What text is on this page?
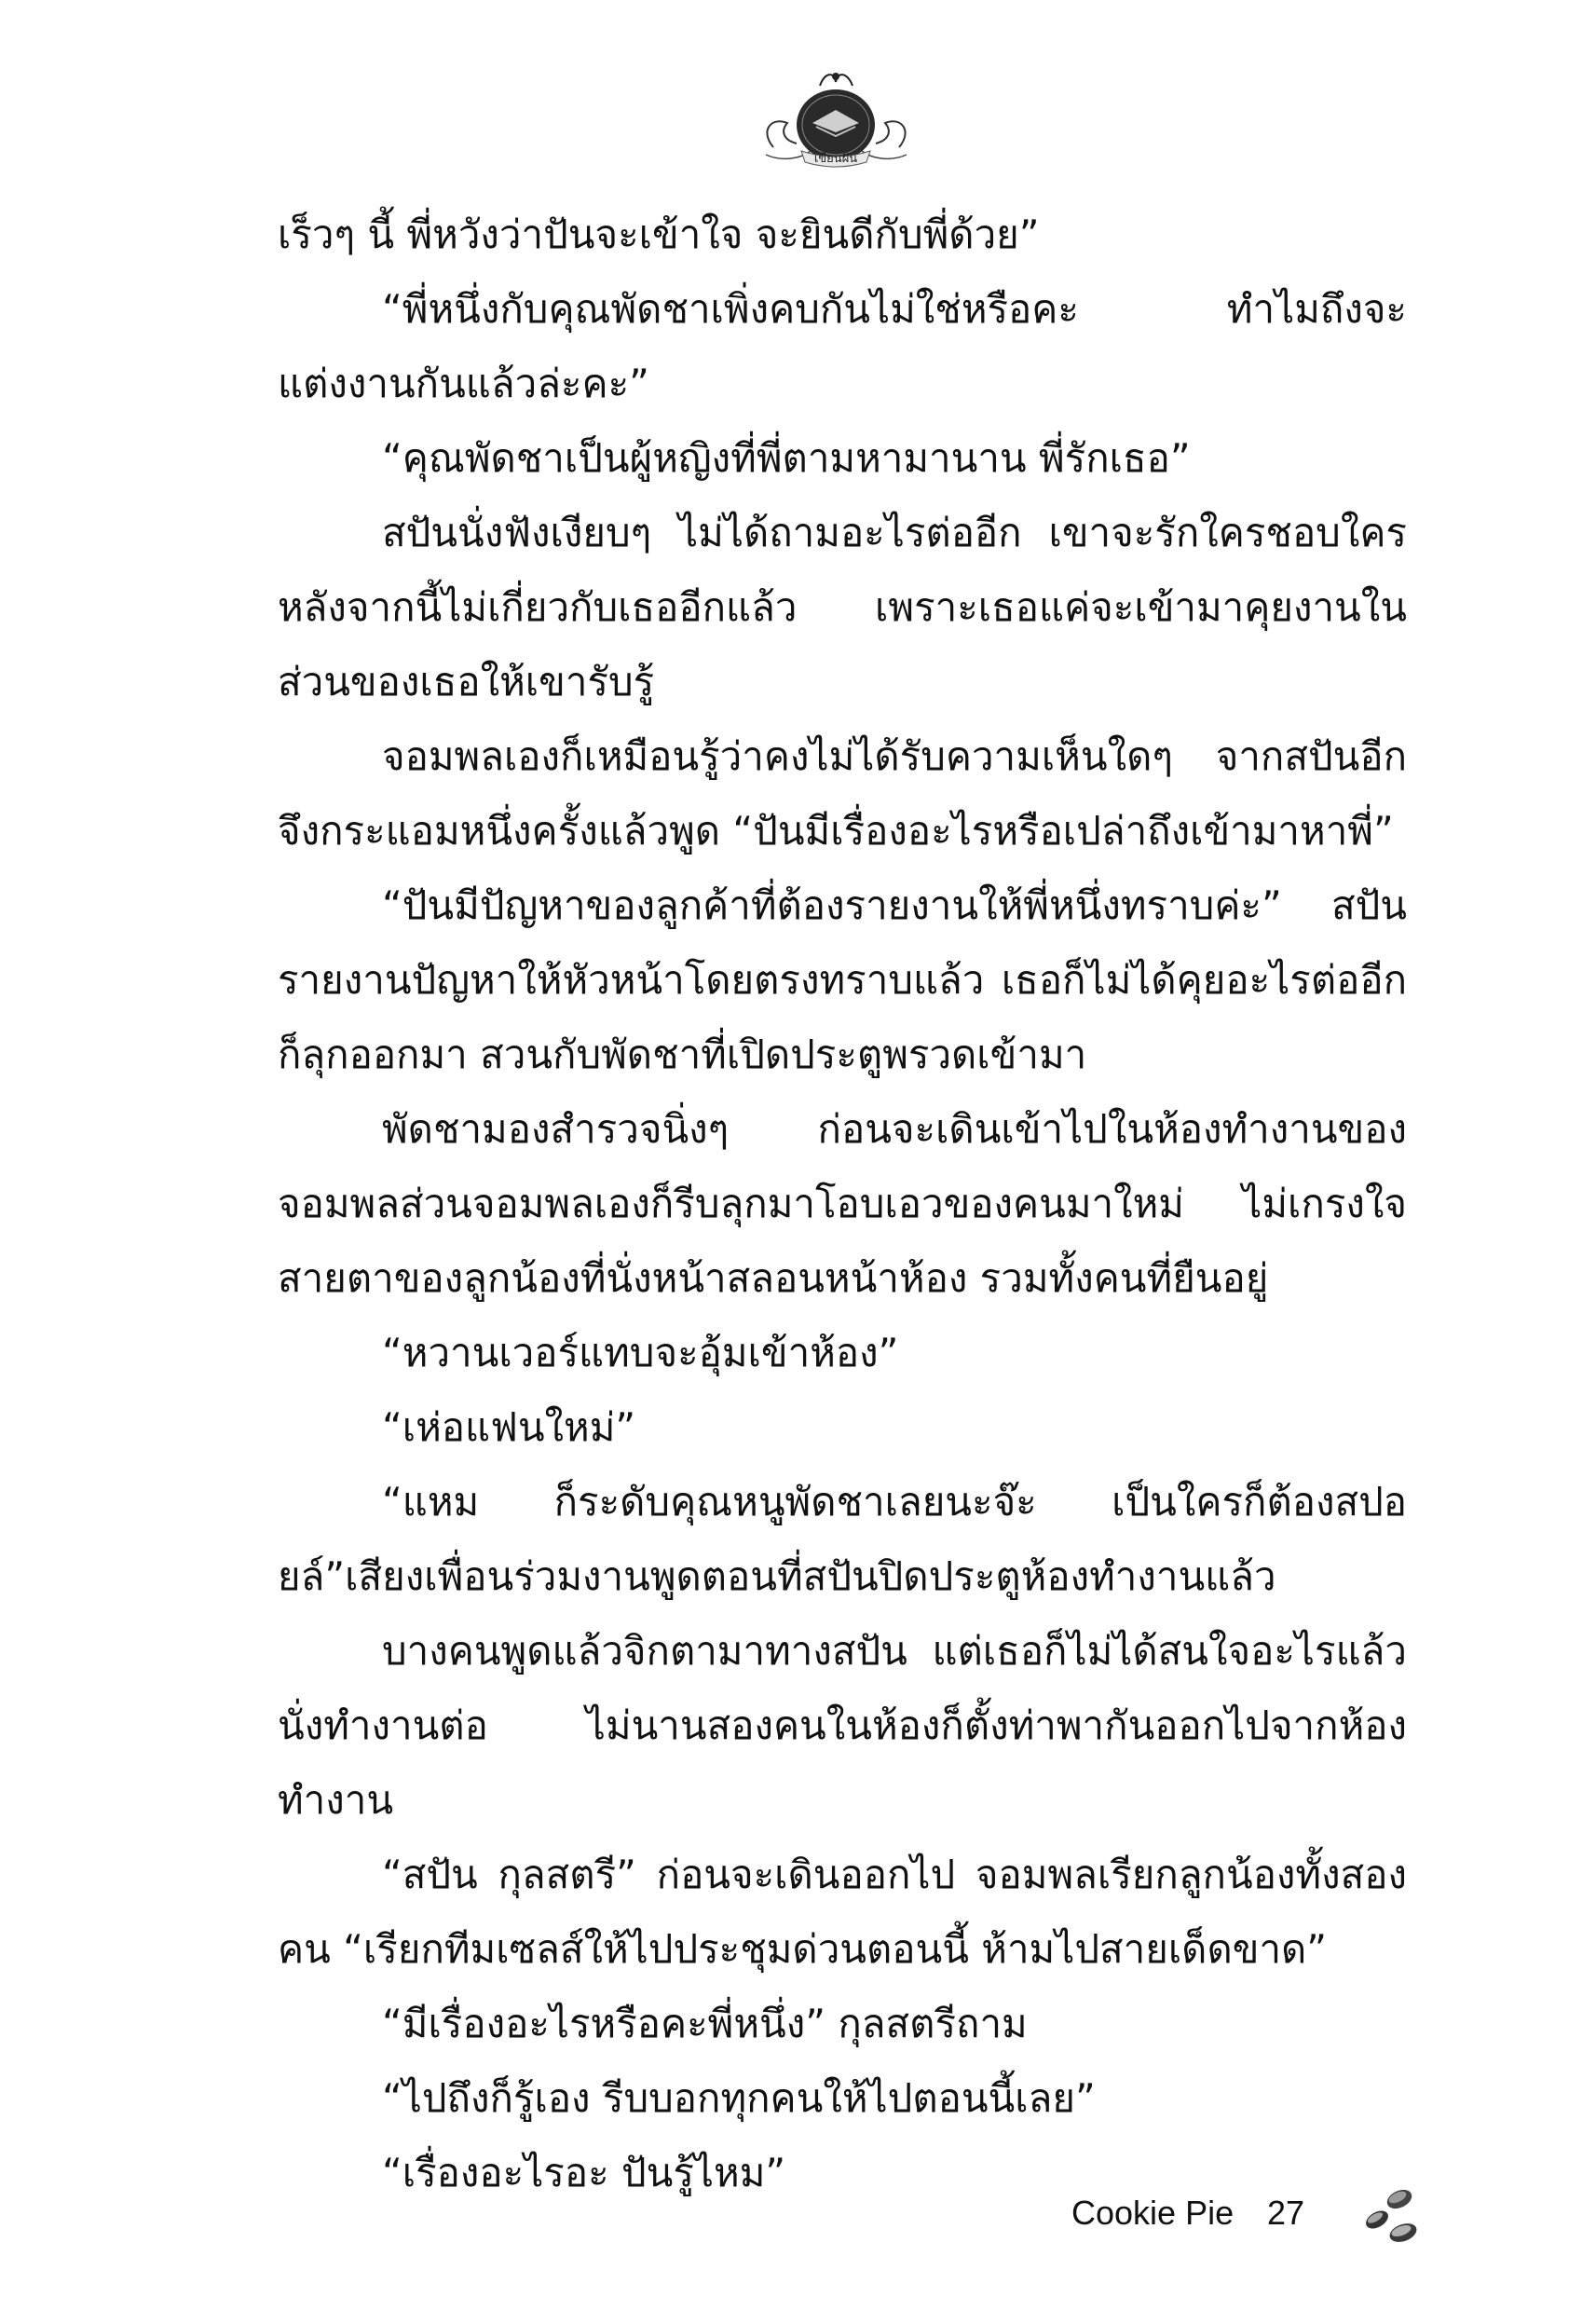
เขียนฝัน

เร็วๆ นี้ พี่หวังว่าปันจะเข้าใจ จะยินดีกับพี่ด้วย”

“พี่หนึ่งกับคุณพัดชาเพิ่งคบกันไม่ใช่หรือคะ ทำไมถึงจะแต่งงานกันแล้วล่ะคะ”

“คุณพัดชาเป็นผู้หญิงที่พี่ตามหามานาน พี่รักเธอ”

สปันนั่งฟังเงียบๆ ไม่ได้ถามอะไรต่ออีก เขาจะรักใครชอบใครหลังจากนี้ไม่เกี่ยวกับเธออีกแล้ว เพราะเธอแค่จะเข้ามาคุยงานในส่วนของเธอให้เขารับรู้

จอมพลเองก็เหมือนรู้ว่าคงไม่ได้รับความเห็นใดๆ จากสปันอีกจึงกระแอมหนึ่งครั้งแล้วพูด “ปันมีเรื่องอะไรหรือเปล่าถึงเข้ามาหาพี่”

“ปันมีปัญหาของลูกค้าที่ต้องรายงานให้พี่หนึ่งทราบค่ะ” สปันรายงานปัญหาให้หัวหน้าโดยตรงทราบแล้ว เธอก็ไม่ได้คุยอะไรต่ออีกก็ลุกออกมา สวนกับพัดชาที่เปิดประตูพรวดเข้ามา

พัดชามองสำรวจนิ่งๆ ก่อนจะเดินเข้าไปในห้องทำงานของจอมพลส่วนจอมพลเองก็รีบลุกมาโอบเอวของคนมาใหม่ ไม่เกรงใจสายตาของลูกน้องที่นั่งหน้าสลอนหน้าห้อง รวมทั้งคนที่ยืนอยู่

“หวานเวอร์แทบจะอุ้มเข้าห้อง”

“เห่อแฟนใหม่”

“แหม ก็ระดับคุณหนูพัดชาเลยนะจ๊ะ เป็นใครก็ต้องสปอยล์”เสียงเพื่อนร่วมงานพูดตอนที่สปันปิดประตูห้องทำงานแล้ว

บางคนพูดแล้วจิกตามาทางสปัน แต่เธอก็ไม่ได้สนใจอะไรแล้วนั่งทำงานต่อ ไม่นานสองคนในห้องก็ตั้งท่าพากันออกไปจากห้องทำงาน

“สปัน กุลสตรี” ก่อนจะเดินออกไป จอมพลเรียกลูกน้องทั้งสองคน “เรียกทีมเซลส์ให้ไปประชุมด่วนตอนนี้ ห้ามไปสายเด็ดขาด”

“มีเรื่องอะไรหรือคะพี่หนึ่ง” กุลสตรีถาม

“ไปถึงก็รู้เอง รีบบอกทุกคนให้ไปตอนนี้เลย”

“เรื่องอะไรอะ ปันรู้ไหม”

Cookie Pie 27
